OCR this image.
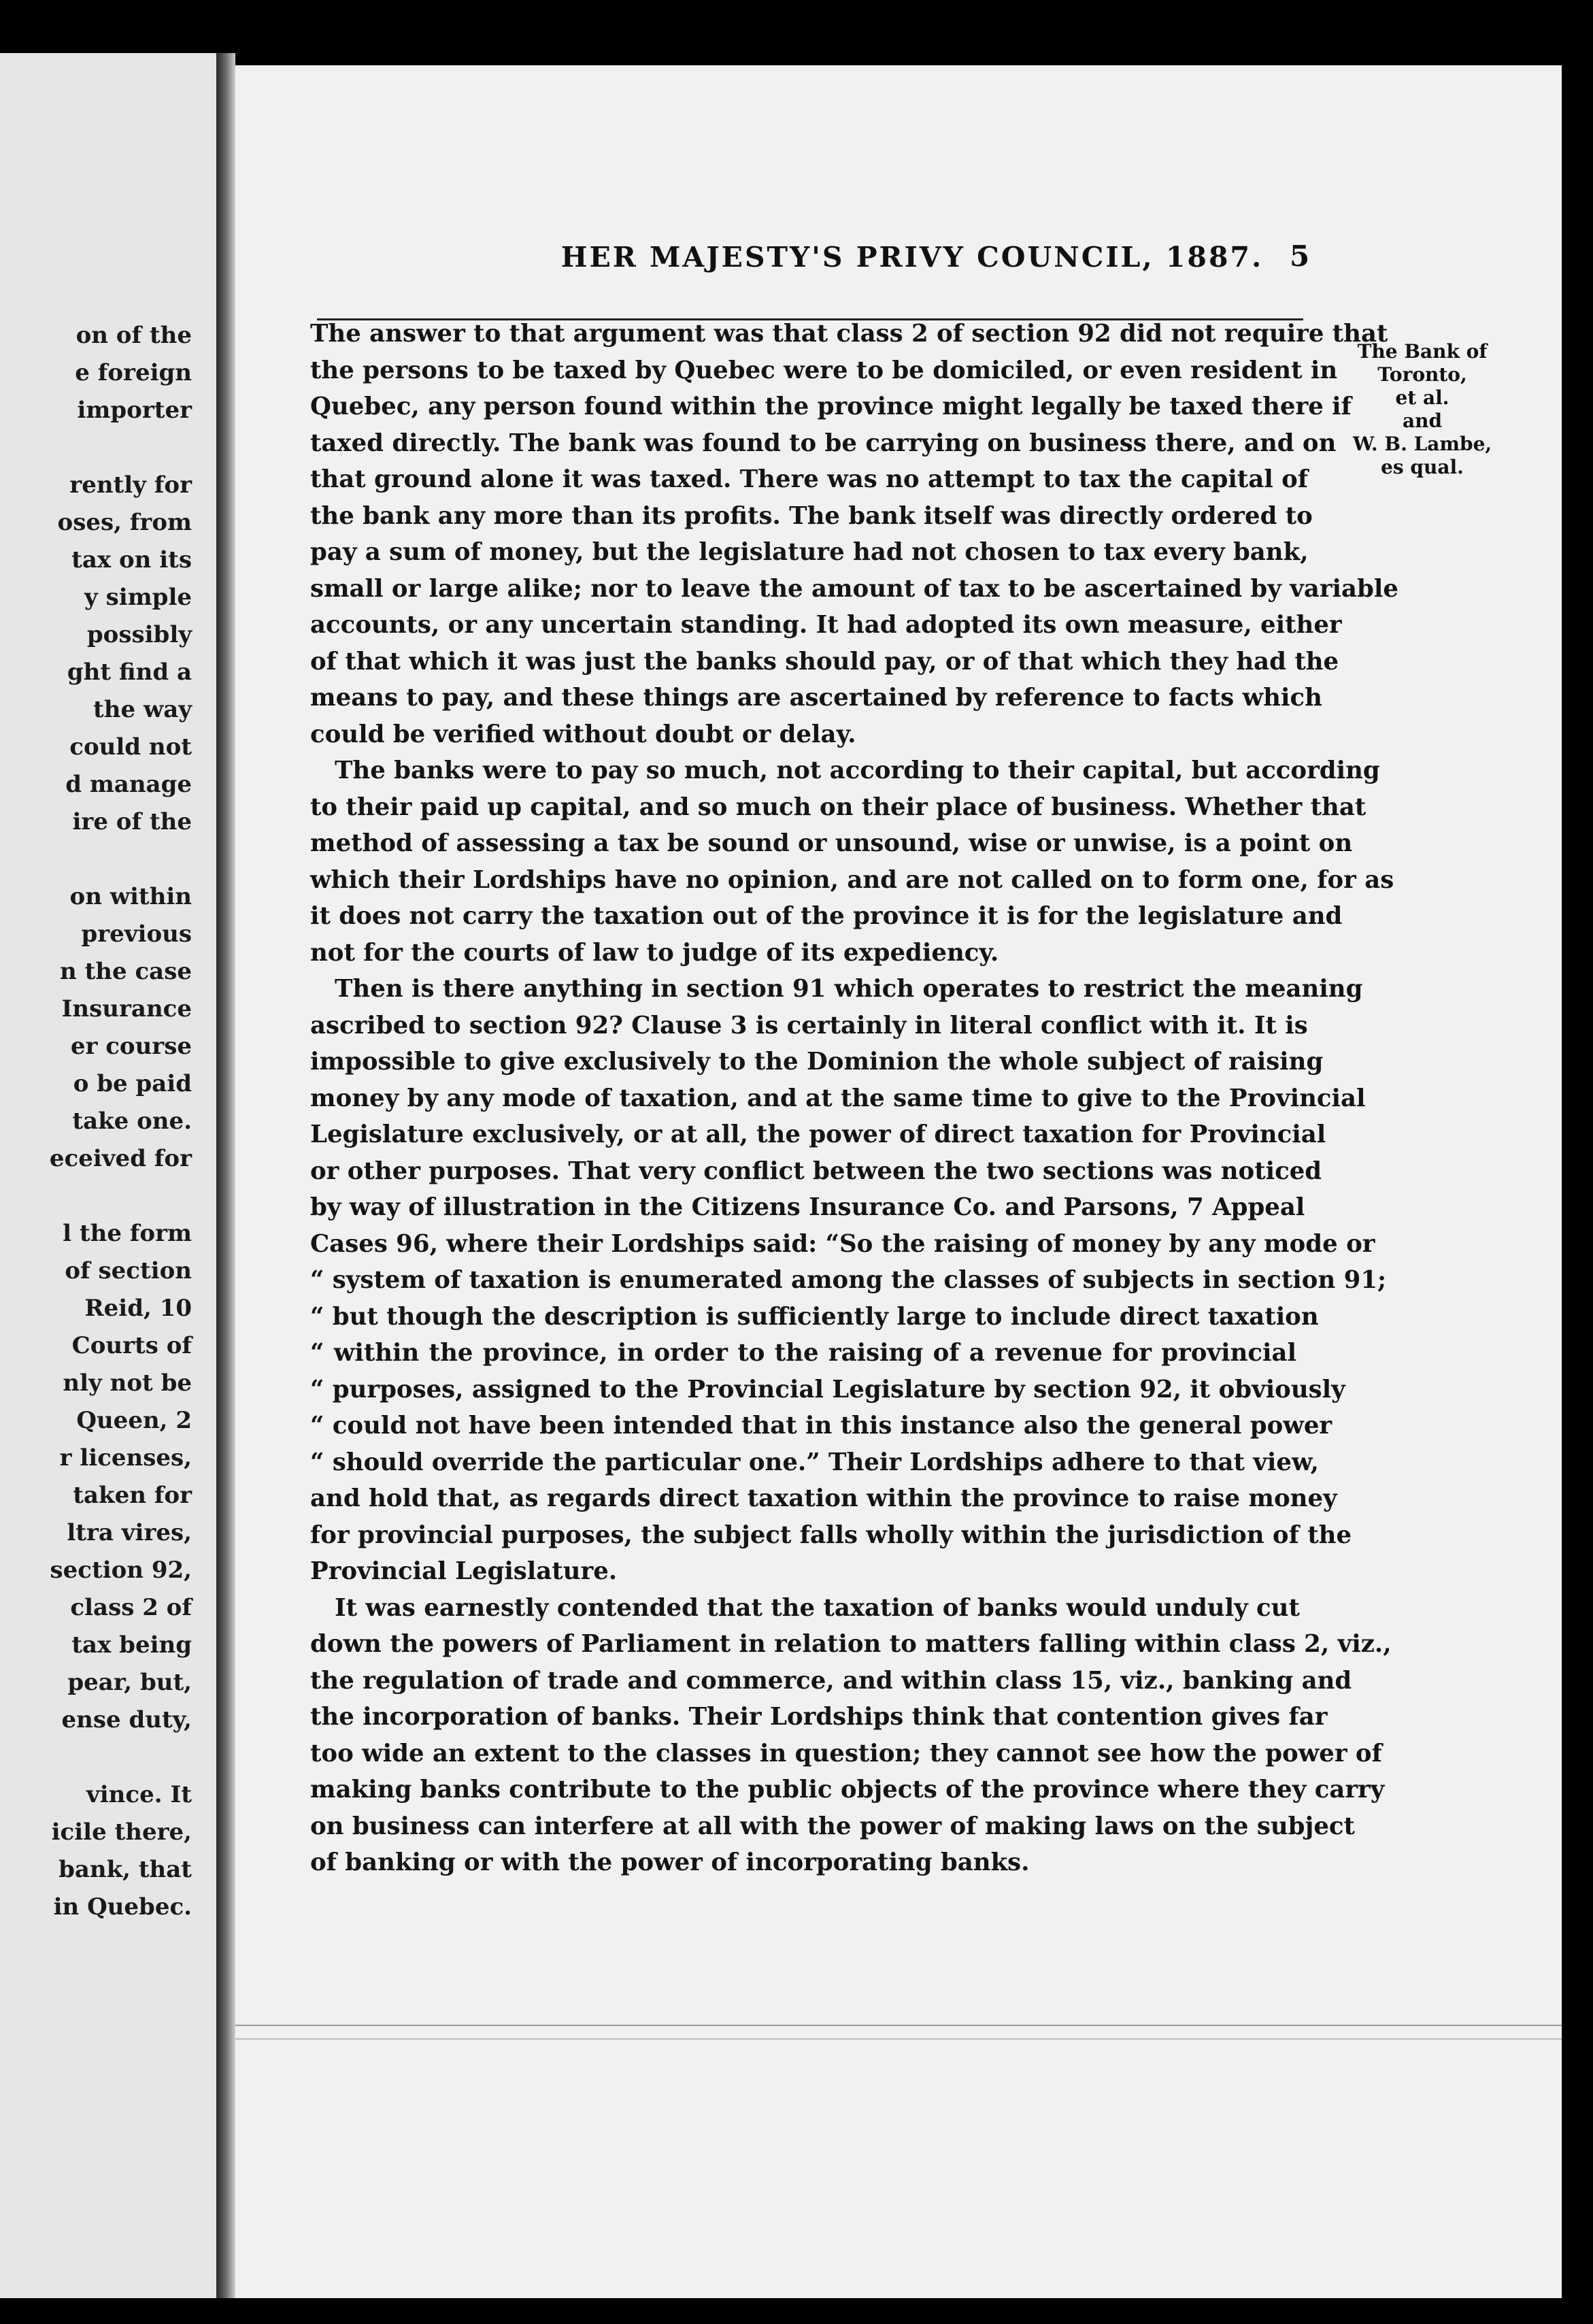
on of the
e foreign
importer
rently for
oses, from
tax on its
y simple
possibly
ght find a
the way
could not
d manage
ire of the
on within
previous
n the case
Insurance
er course
o be paid
take one.
eceived for
l the form
of section
Reid, 10
Courts of
nly not be
Queen, 2
r licenses,
taken for
ltra vires,
section 92,
class 2 of
tax being
pear, but,
ense duty,
vince. It
icile there,
bank, that
in Quebec.
HER MAJESTY'S PRIVY COUNCIL, 1887. 5
The Bank of
Toronto,
et al.
and
W. B. Lambe,
es qual.

The answer to that argument was that class 2 of section 92 did not require that
the persons to be taxed by Quebec were to be domiciled, or even resident in
Quebec, any person found within the province might legally be taxed there if
taxed directly. The bank was found to be carrying on business there, and on
that ground alone it was taxed. There was no attempt to tax the capital of
the bank any more than its profits. The bank itself was directly ordered to
pay a sum of money, but the legislature had not chosen to tax every bank,
small or large alike; nor to leave the amount of tax to be ascertained by variable
accounts, or any uncertain standing. It had adopted its own measure, either
of that which it was just the banks should pay, or of that which they had the
means to pay, and these things are ascertained by reference to facts which
could be verified without doubt or delay.

The banks were to pay so much, not according to their capital, but according
to their paid up capital, and so much on their place of business. Whether that
method of assessing a tax be sound or unsound, wise or unwise, is a point on
which their Lordships have no opinion, and are not called on to form one, for as
it does not carry the taxation out of the province it is for the legislature and
not for the courts of law to judge of its expediency.

Then is there anything in section 91 which operates to restrict the meaning
ascribed to section 92? Clause 3 is certainly in literal conflict with it. It is
impossible to give exclusively to the Dominion the whole subject of raising
money by any mode of taxation, and at the same time to give to the Provincial
Legislature exclusively, or at all, the power of direct taxation for Provincial
or other purposes. That very conflict between the two sections was noticed
by way of illustration in the Citizens Insurance Co. and Parsons, 7 Appeal
Cases 96, where their Lordships said: “So the raising of money by any mode or
“ system of taxation is enumerated among the classes of subjects in section 91;
“ but though the description is sufficiently large to include direct taxation
“ within the province, in order to the raising of a revenue for provincial
“ purposes, assigned to the Provincial Legislature by section 92, it obviously
“ could not have been intended that in this instance also the general power
“ should override the particular one.” Their Lordships adhere to that view,
and hold that, as regards direct taxation within the province to raise money
for provincial purposes, the subject falls wholly within the jurisdiction of the
Provincial Legislature.

It was earnestly contended that the taxation of banks would unduly cut
down the powers of Parliament in relation to matters falling within class 2, viz.,
the regulation of trade and commerce, and within class 15, viz., banking and
the incorporation of banks. Their Lordships think that contention gives far
too wide an extent to the classes in question; they cannot see how the power of
making banks contribute to the public objects of the province where they carry
on business can interfere at all with the power of making laws on the subject
of banking or with the power of incorporating banks.
